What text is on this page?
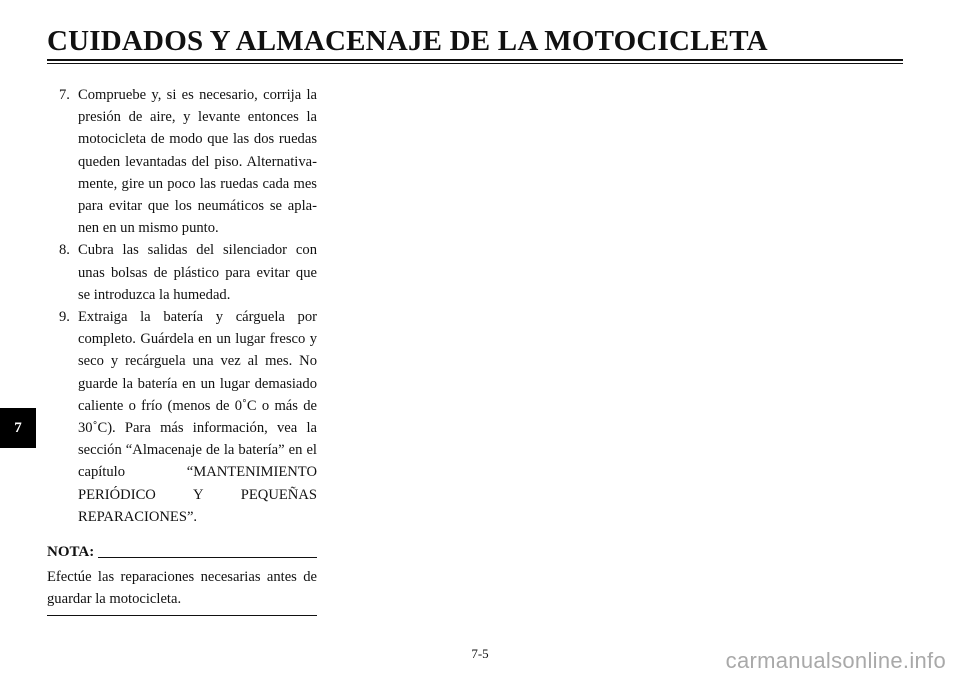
CUIDADOS Y ALMACENAJE DE LA MOTOCICLETA
7
7. Compruebe y, si es necesario, corrija la presión de aire, y levante entonces la motocicleta de modo que las dos ruedas queden levantadas del piso. Alternativamente, gire un poco las ruedas cada mes para evitar que los neumáticos se aplanen en un mismo punto.
8. Cubra las salidas del silenciador con unas bolsas de plástico para evitar que se introduzca la humedad.
9. Extraiga la batería y cárguela por completo. Guárdela en un lugar fresco y seco y recárguela una vez al mes. No guarde la batería en un lugar demasiado caliente o frío (menos de 0˚C o más de 30˚C). Para más información, vea la sección “Almacenaje de la batería” en el capítulo “MANTENIMIENTO PERIÓDICO Y PEQUEÑAS REPARACIONES”.
NOTA:
Efectúe las reparaciones necesarias antes de guardar la motocicleta.
7-5	carmanualsonline.info
